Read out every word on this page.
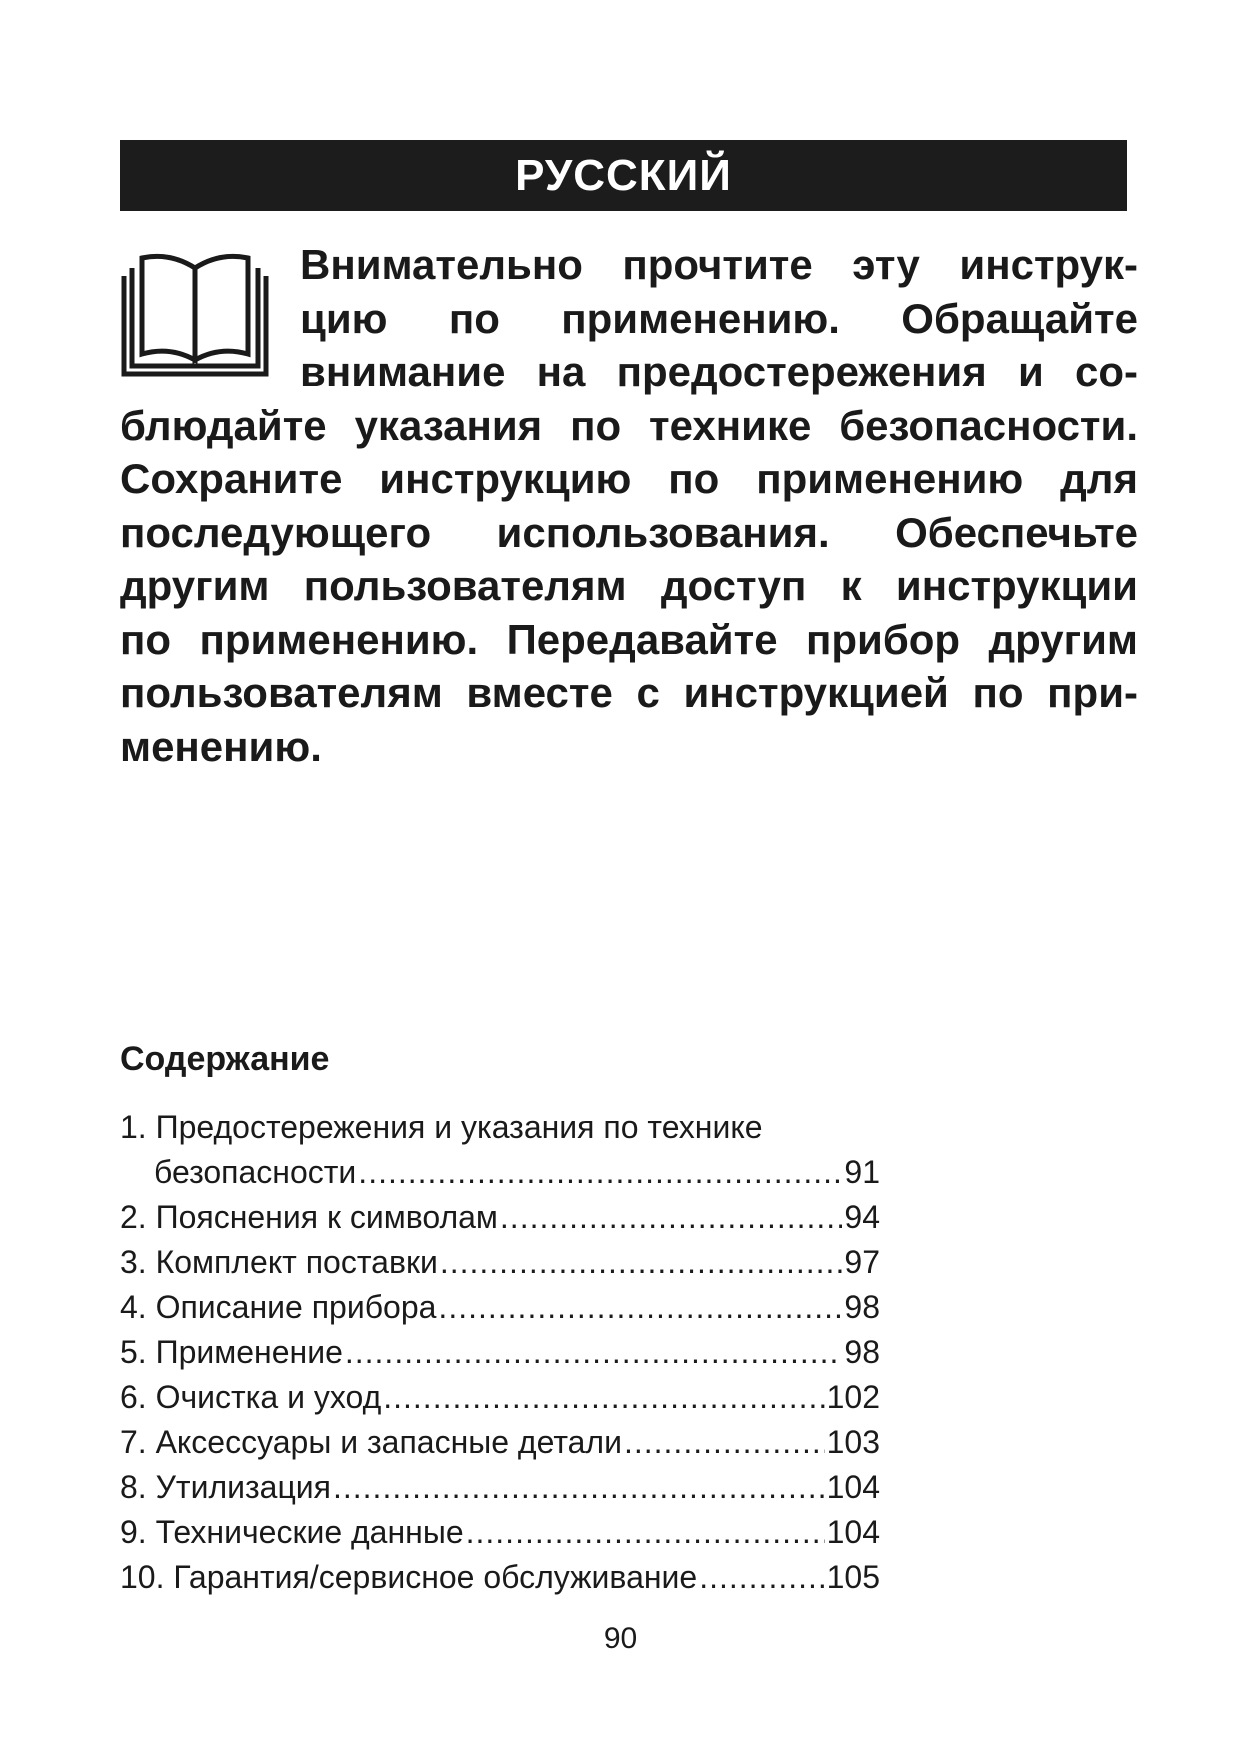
РУССКИЙ
Внимательно прочтите эту инструк-
цию по применению. Обращайте
внимание на предостережения и со-
блюдайте указания по технике безопасности.
Сохраните инструкцию по применению для
последующего использования. Обеспечьте
другим пользователям доступ к инструкции
по применению. Передавайте прибор другим
пользователям вместе с инструкцией по при-
менению.
Содержание
1. Предостережения и указания по технике
безопасности .....	91
2. Пояснения к символам .....	94
3. Комплект поставки .....	97
4. Описание прибора .....	98
5. Применение .....	98
6. Очистка и уход .....	102
7. Аксессуары и запасные детали .....	103
8. Утилизация .....	104
9. Технические данные .....	104
10. Гарантия/сервисное обслуживание .....	105
90
